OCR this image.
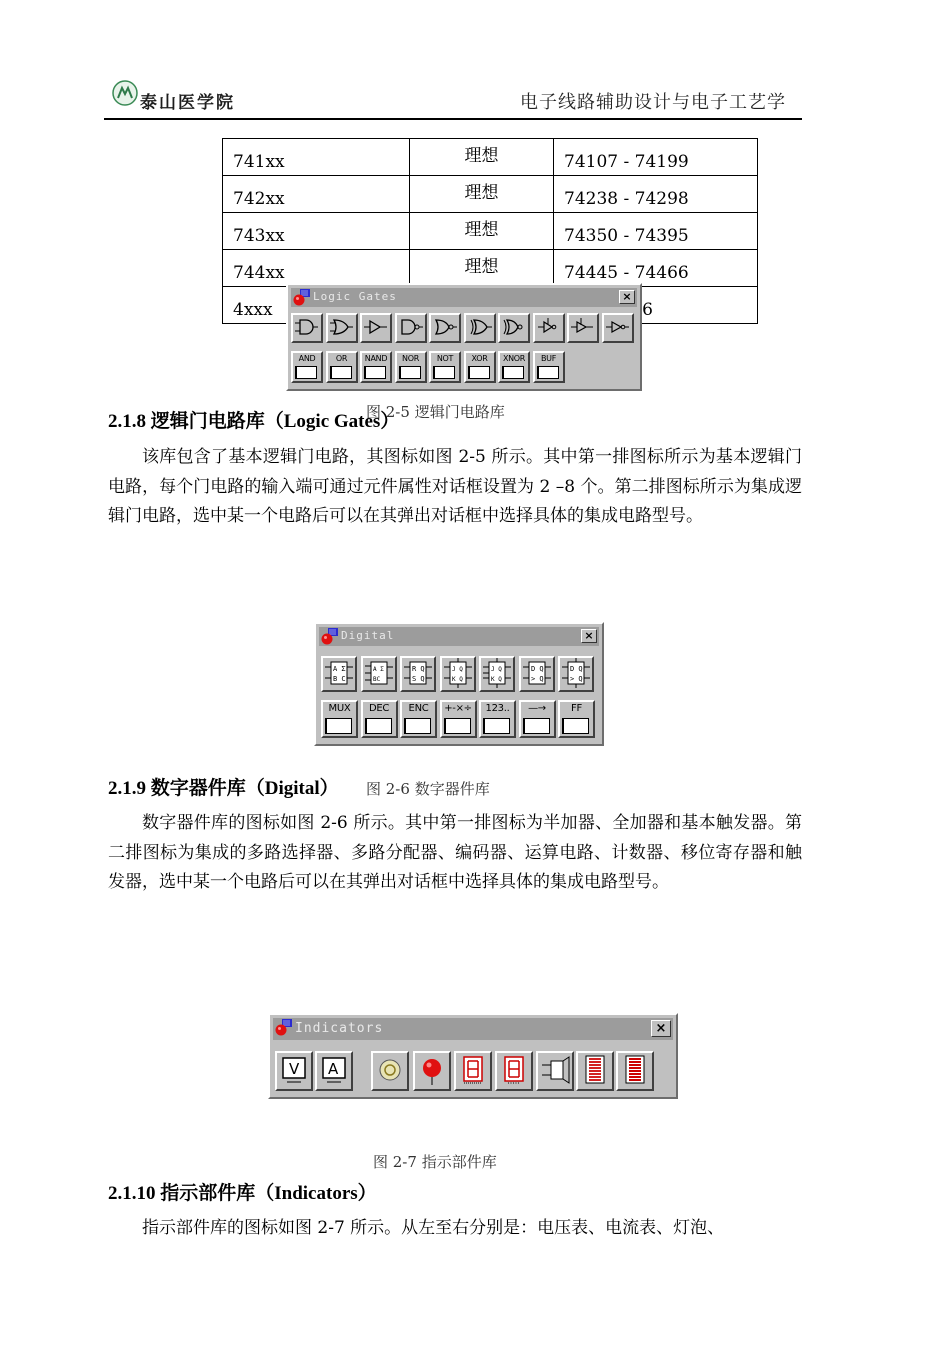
泰山医学院	电子线路辅助设计与电子工艺学
741xx	理想	74107 - 74199
742xx	理想	74238 - 74298
743xx	理想	74350 - 74395
744xx	理想	74445 - 74466
4xxx		6
Logic Gates	×
AND	OR	NAND	NOR	NOT	XOR	XNOR	BUF
图 2-5 逻辑门电路库
2.1.8 逻辑门电路库（Logic Gates）
该库包含了基本逻辑门电路，其图标如图 2-5 所示。其中第一排图标所示为基本逻辑门电路，每个门电路的输入端可通过元件属性对话框设置为 2 –8 个。第二排图标所示为集成逻辑门电路，选中某一个电路后可以在其弹出对话框中选择具体的集成电路型号。
Digital	×
A Σ
B C
A Σ
BC
R Q
S Q
J Q
K Q
J Q
K Q
D Q
> Q
D Q
> Q
MUX	DEC	ENC	+-×÷	123..	—→	FF
2.1.9 数字器件库（Digital） 图 2-6 数字器件库
数字器件库的图标如图 2-6 所示。其中第一排图标为半加器、全加器和基本触发器。第二排图标为集成的多路选择器、多路分配器、编码器、运算电路、计数器、移位寄存器和触发器，选中某一个电路后可以在其弹出对话框中选择具体的集成电路型号。
Indicators	×
V A
图 2-7 指示部件库
2.1.10 指示部件库（Indicators）
指示部件库的图标如图 2-7 所示。从左至右分别是：电压表、电流表、灯泡、
